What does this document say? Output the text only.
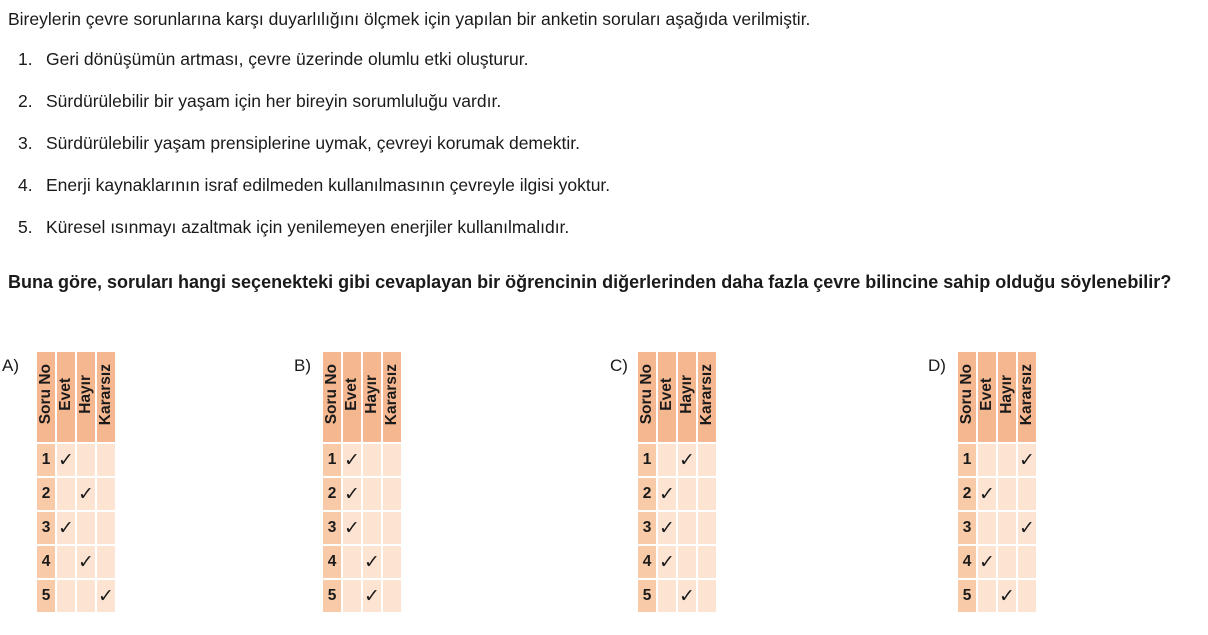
Bireylerin çevre sorunlarına karşı duyarlılığını ölçmek için yapılan bir anketin soruları aşağıda verilmiştir.
1. Geri dönüşümün artması, çevre üzerinde olumlu etki oluşturur.
2. Sürdürülebilir bir yaşam için her bireyin sorumluluğu vardır.
3. Sürdürülebilir yaşam prensiplerine uymak, çevreyi korumak demektir.
4. Enerji kaynaklarının israf edilmeden kullanılmasının çevreyle ilgisi yoktur.
5. Küresel ısınmayı azaltmak için yenilemeyen enerjiler kullanılmalıdır.
Buna göre, soruları hangi seçenekteki gibi cevaplayan bir öğrencinin diğerlerinden daha fazla çevre bilincine sahip olduğu söylenebilir?
A) Soru No	Evet	Hayır	Kararsız
1	✓		
2		✓	
3	✓		
4		✓	
5			✓
B) Soru No	Evet	Hayır	Kararsız
1	✓		
2	✓		
3	✓		
4		✓	
5		✓	
C) Soru No	Evet	Hayır	Kararsız
1		✓	
2	✓		
3	✓		
4	✓		
5		✓	
D) Soru No	Evet	Hayır	Kararsız
1			✓
2	✓		
3			✓
4	✓		
5		✓	
